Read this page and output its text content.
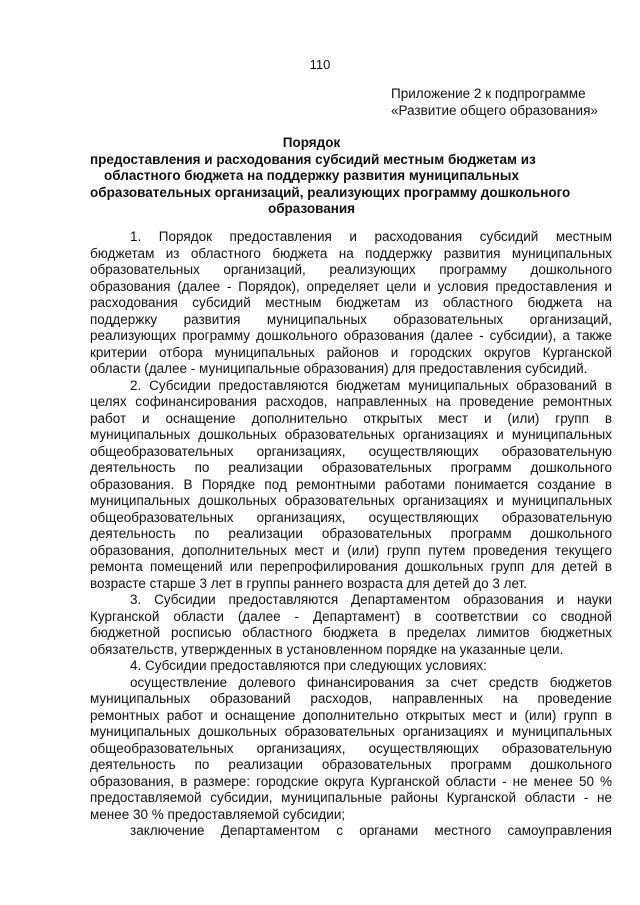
110
Приложение 2 к подпрограмме
«Развитие общего образования»
Порядок
предоставления и расходования субсидий местным бюджетам из
областного бюджета на поддержку развития муниципальных
образовательных организаций, реализующих программу дошкольного
образования
1. Порядок предоставления и расходования субсидий местным
бюджетам из областного бюджета на поддержку развития муниципальных
образовательных организаций, реализующих программу дошкольного
образования (далее - Порядок), определяет цели и условия предоставления и
расходования субсидий местным бюджетам из областного бюджета на
поддержку развития муниципальных образовательных организаций,
реализующих программу дошкольного образования (далее - субсидии), а также
критерии отбора муниципальных районов и городских округов Курганской
области (далее - муниципальные образования) для предоставления субсидий.
2. Субсидии предоставляются бюджетам муниципальных образований в
целях софинансирования расходов, направленных на проведение ремонтных
работ и оснащение дополнительно открытых мест и (или) групп в
муниципальных дошкольных образовательных организациях и муниципальных
общеобразовательных организациях, осуществляющих образовательную
деятельность по реализации образовательных программ дошкольного
образования. В Порядке под ремонтными работами понимается создание в
муниципальных дошкольных образовательных организациях и муниципальных
общеобразовательных организациях, осуществляющих образовательную
деятельность по реализации образовательных программ дошкольного
образования, дополнительных мест и (или) групп путем проведения текущего
ремонта помещений или перепрофилирования дошкольных групп для детей в
возрасте старше 3 лет в группы раннего возраста для детей до 3 лет.
3. Субсидии предоставляются Департаментом образования и науки
Курганской области (далее - Департамент) в соответствии со сводной
бюджетной росписью областного бюджета в пределах лимитов бюджетных
обязательств, утвержденных в установленном порядке на указанные цели.
4. Субсидии предоставляются при следующих условиях:
осуществление долевого финансирования за счет средств бюджетов
муниципальных образований расходов, направленных на проведение
ремонтных работ и оснащение дополнительно открытых мест и (или) групп в
муниципальных дошкольных образовательных организациях и муниципальных
общеобразовательных организациях, осуществляющих образовательную
деятельность по реализации образовательных программ дошкольного
образования, в размере: городские округа Курганской области - не менее 50 %
предоставляемой субсидии, муниципальные районы Курганской области - не
менее 30 % предоставляемой субсидии;
заключение Департаментом с органами местного самоуправления
